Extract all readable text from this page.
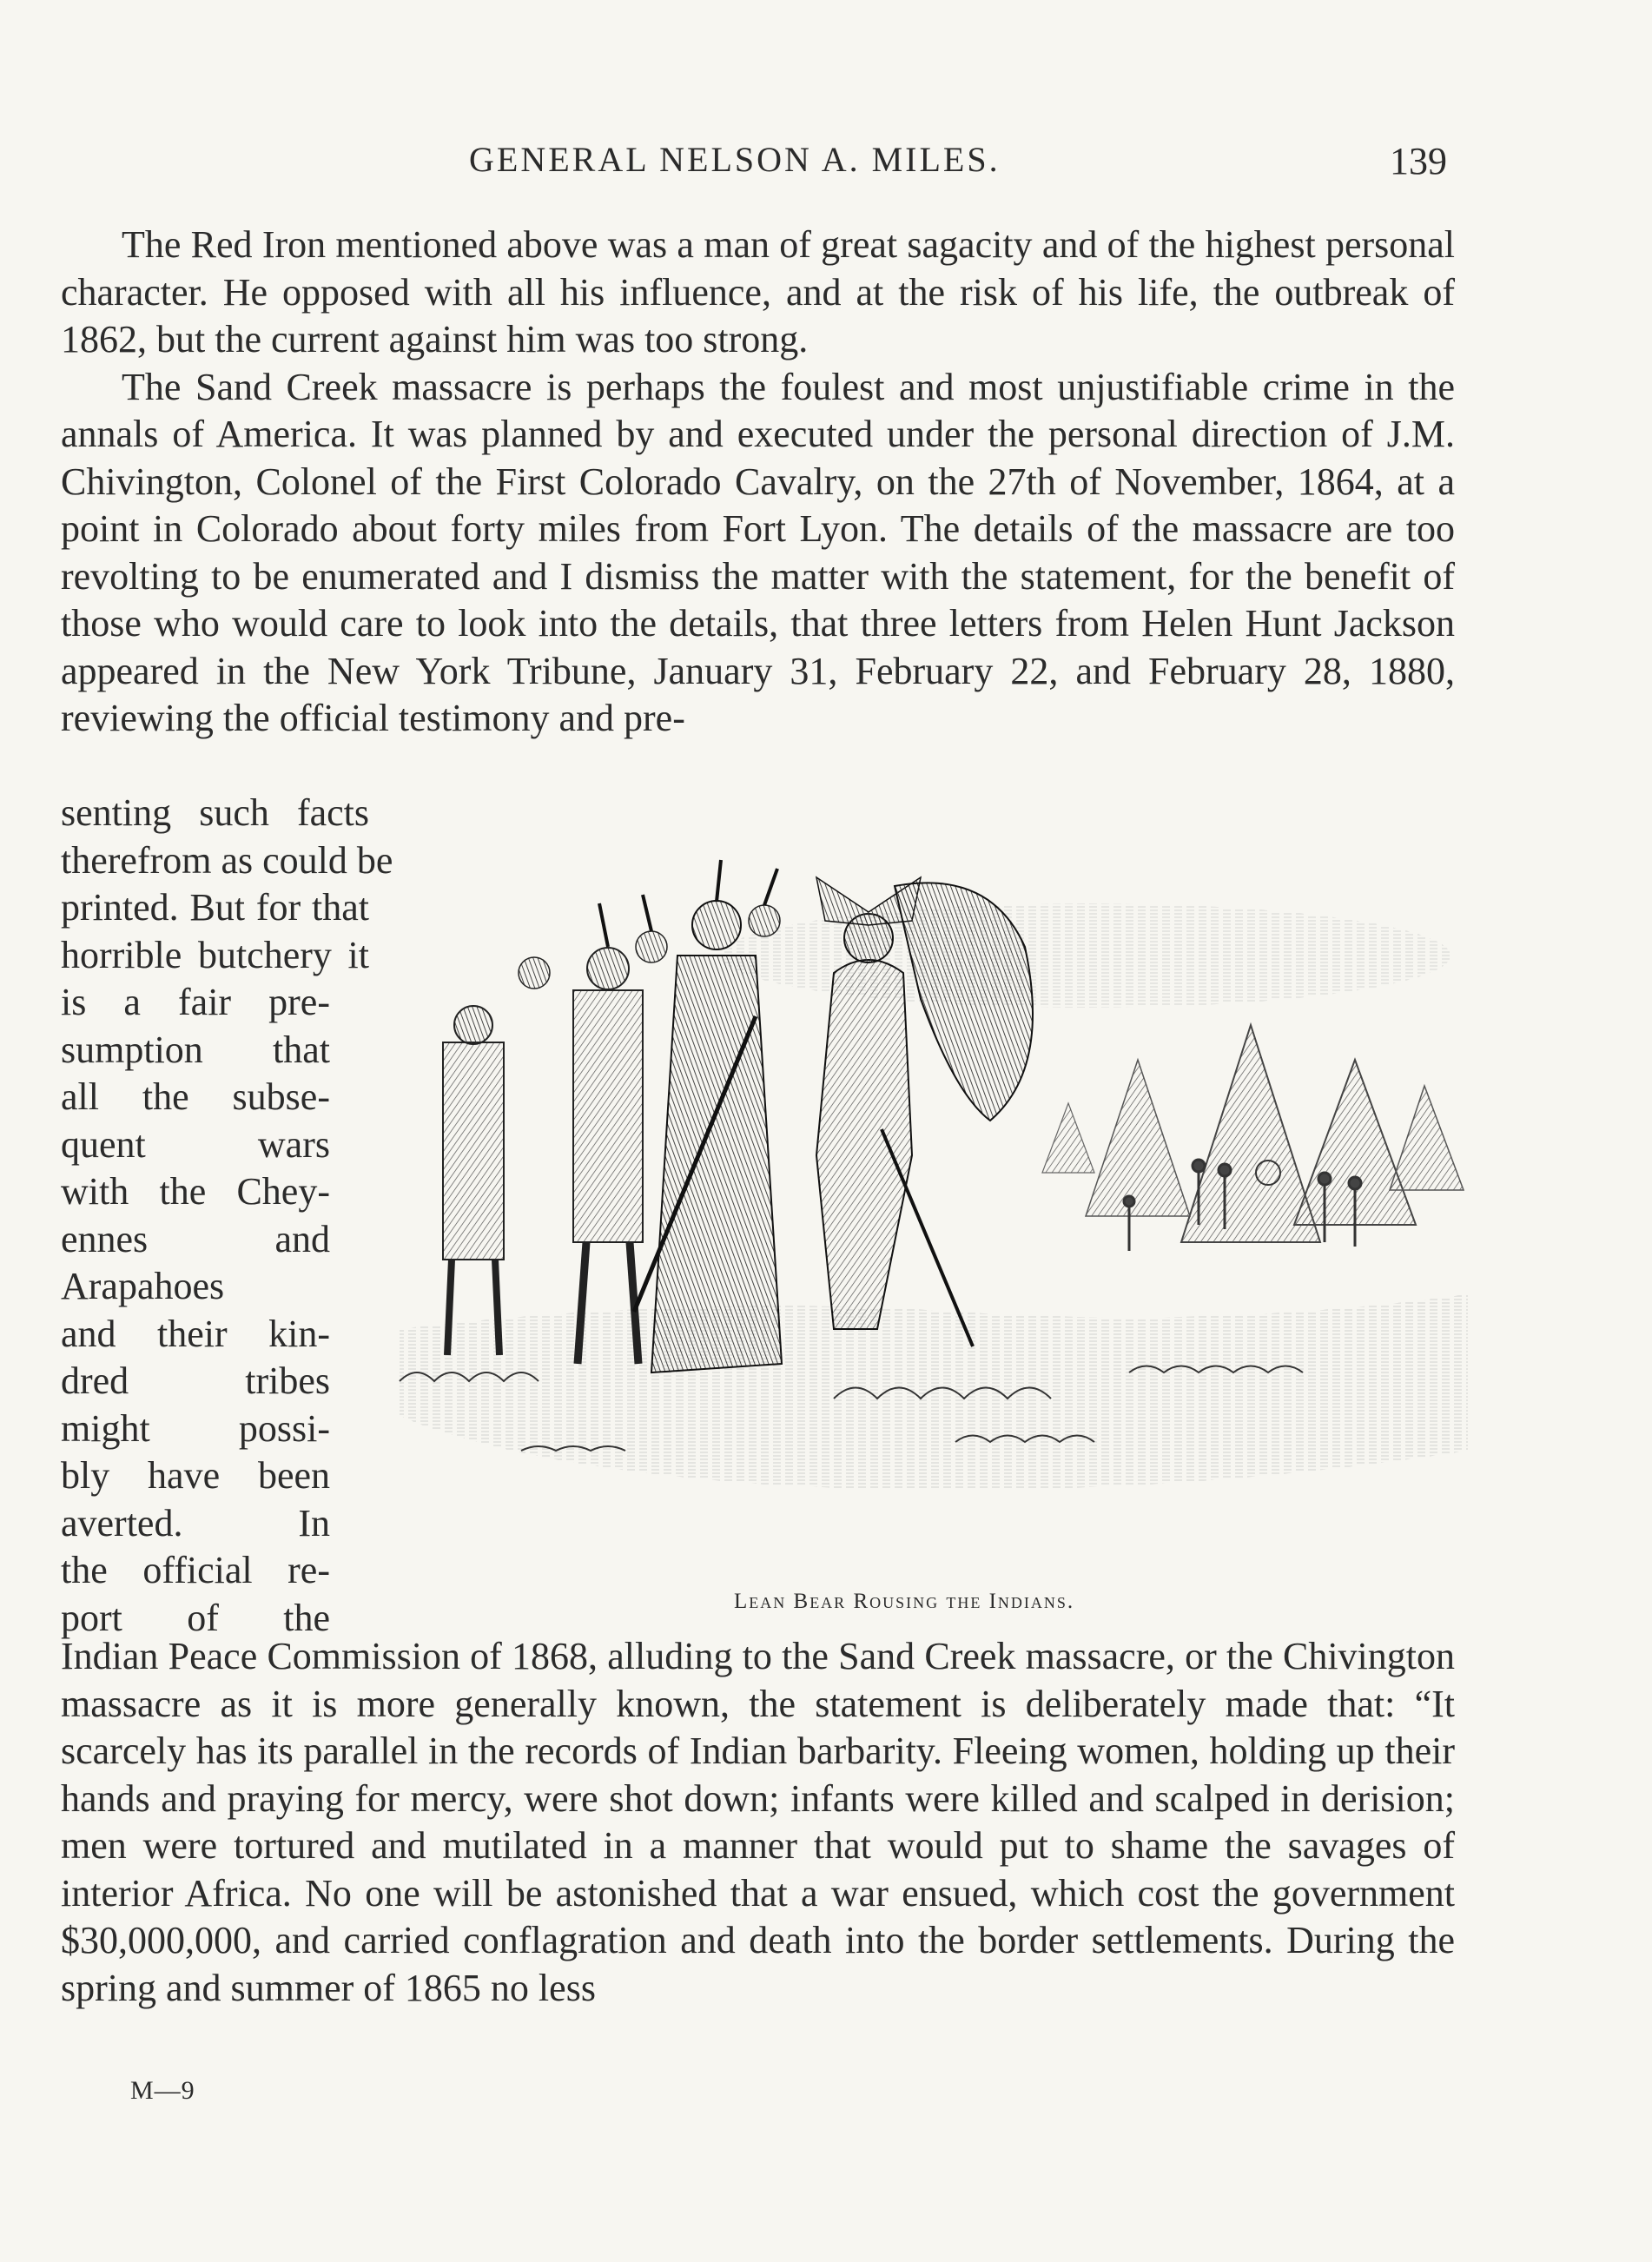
GENERAL NELSON A. MILES.	139

The Red Iron mentioned above was a man of great sagacity and of the highest personal character. He opposed with all his influence, and at the risk of his life, the outbreak of 1862, but the current against him was too strong.

The Sand Creek massacre is perhaps the foulest and most unjustifiable crime in the annals of America. It was planned by and executed under the personal direction of J.M. Chivington, Colonel of the First Colorado Cavalry, on the 27th of November, 1864, at a point in Colorado about forty miles from Fort Lyon. The details of the massacre are too revolting to be enumerated and I dismiss the matter with the statement, for the benefit of those who would care to look into the details, that three letters from Helen Hunt Jackson appeared in the New York Tribune, January 31, February 22, and February 28, 1880, reviewing the official testimony and pre-

senting such facts
therefrom as could be
printed. But for that
horrible butchery it
is a fair pre-
sumption that
all the subse-
quent wars
with the Chey-
ennes and
Arapahoes
and their kin-
dred tribes
might possi-
bly have been
averted. In
the official re-
port of the	Lean Bear Rousing the Indians.

Indian Peace Commission of 1868, alluding to the Sand Creek massacre, or the Chivington massacre as it is more generally known, the statement is deliberately made that: “It scarcely has its parallel in the records of Indian barbarity. Fleeing women, holding up their hands and praying for mercy, were shot down; infants were killed and scalped in derision; men were tortured and mutilated in a manner that would put to shame the savages of interior Africa. No one will be astonished that a war ensued, which cost the government $30,000,000, and carried conflagration and death into the border settlements. During the spring and summer of 1865 no less

M—9
